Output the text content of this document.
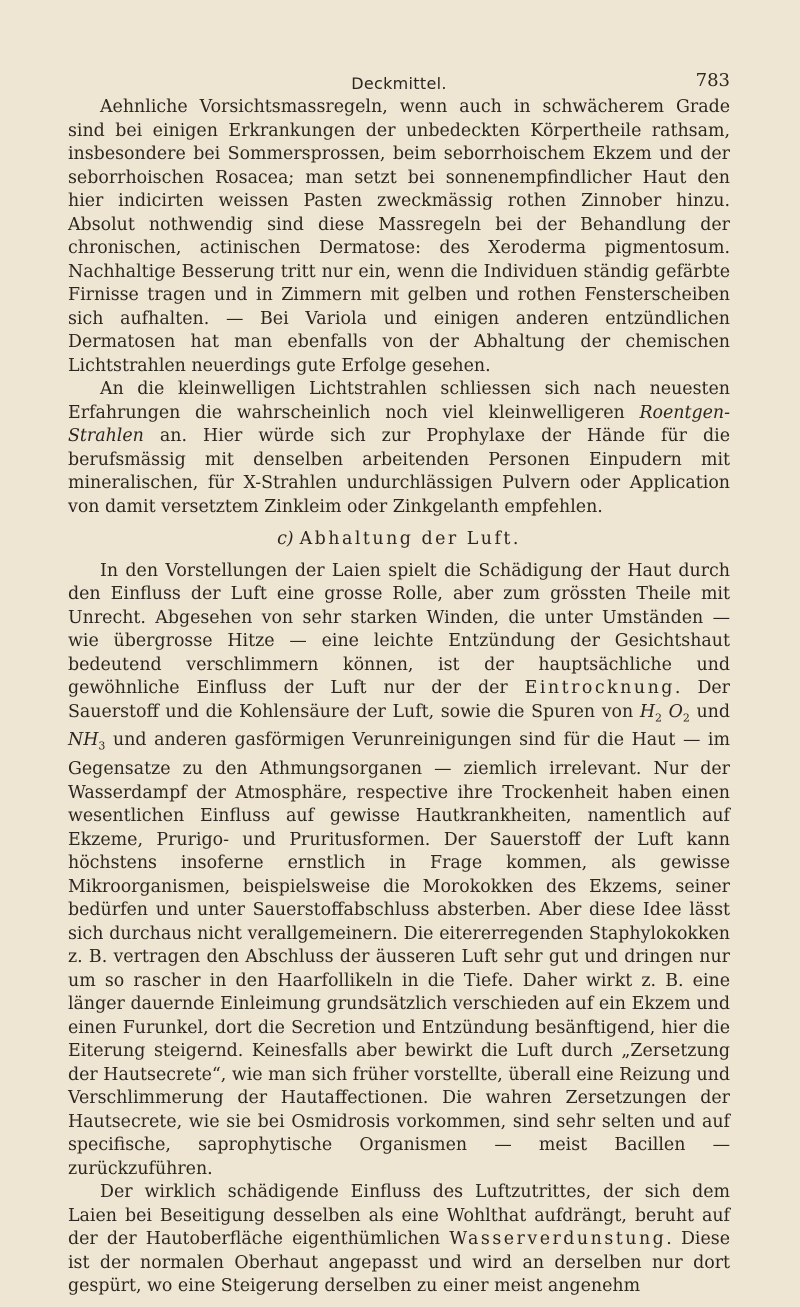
Deckmittel.	783

Aehnliche Vorsichtsmassregeln, wenn auch in schwächerem Grade sind bei einigen Erkrankungen der unbedeckten Körpertheile rathsam, insbesondere bei Sommersprossen, beim seborrhoischem Ekzem und der seborrhoischen Rosacea; man setzt bei sonnenempfindlicher Haut den hier indicirten weissen Pasten zweckmässig rothen Zinnober hinzu. Absolut nothwendig sind diese Massregeln bei der Behandlung der chronischen, actinischen Dermatose: des Xeroderma pigmentosum. Nachhaltige Besserung tritt nur ein, wenn die Individuen ständig gefärbte Firnisse tragen und in Zimmern mit gelben und rothen Fensterscheiben sich aufhalten. — Bei Variola und einigen anderen entzündlichen Dermatosen hat man ebenfalls von der Abhaltung der chemischen Lichtstrahlen neuerdings gute Erfolge gesehen.

An die kleinwelligen Lichtstrahlen schliessen sich nach neuesten Erfahrungen die wahrscheinlich noch viel kleinwelligeren Roentgen-Strahlen an. Hier würde sich zur Prophylaxe der Hände für die berufsmässig mit denselben arbeitenden Personen Einpudern mit mineralischen, für X-Strahlen undurchlässigen Pulvern oder Application von damit versetztem Zinkleim oder Zinkgelanth empfehlen.

c) Abhaltung der Luft.

In den Vorstellungen der Laien spielt die Schädigung der Haut durch den Einfluss der Luft eine grosse Rolle, aber zum grössten Theile mit Unrecht. Abgesehen von sehr starken Winden, die unter Umständen — wie übergrosse Hitze — eine leichte Entzündung der Gesichtshaut bedeutend verschlimmern können, ist der hauptsächliche und gewöhnliche Einfluss der Luft nur der der Eintrocknung. Der Sauerstoff und die Kohlensäure der Luft, sowie die Spuren von $H_2$ $O_2$ und $NH_3$ und anderen gasförmigen Verunreinigungen sind für die Haut — im Gegensatze zu den Athmungsorganen — ziemlich irrelevant. Nur der Wasserdampf der Atmosphäre, respective ihre Trockenheit haben einen wesentlichen Einfluss auf gewisse Hautkrankheiten, namentlich auf Ekzeme, Prurigo- und Pruritusformen. Der Sauerstoff der Luft kann höchstens insoferne ernstlich in Frage kommen, als gewisse Mikroorganismen, beispielsweise die Morokokken des Ekzems, seiner bedürfen und unter Sauerstoffabschluss absterben. Aber diese Idee lässt sich durchaus nicht verallgemeinern. Die eitererregenden Staphylokokken z. B. vertragen den Abschluss der äusseren Luft sehr gut und dringen nur um so rascher in den Haarfollikeln in die Tiefe. Daher wirkt z. B. eine länger dauernde Einleimung grundsätzlich verschieden auf ein Ekzem und einen Furunkel, dort die Secretion und Entzündung besänftigend, hier die Eiterung steigernd. Keinesfalls aber bewirkt die Luft durch „Zersetzung der Hautsecrete“, wie man sich früher vorstellte, überall eine Reizung und Verschlimmerung der Hautaffectionen. Die wahren Zersetzungen der Hautsecrete, wie sie bei Osmidrosis vorkommen, sind sehr selten und auf specifische, saprophytische Organismen — meist Bacillen — zurückzuführen.

Der wirklich schädigende Einfluss des Luftzutrittes, der sich dem Laien bei Beseitigung desselben als eine Wohlthat aufdrängt, beruht auf der der Hautoberfläche eigenthümlichen Wasserverdunstung. Diese ist der normalen Oberhaut angepasst und wird an derselben nur dort gespürt, wo eine Steigerung derselben zu einer meist angenehm
